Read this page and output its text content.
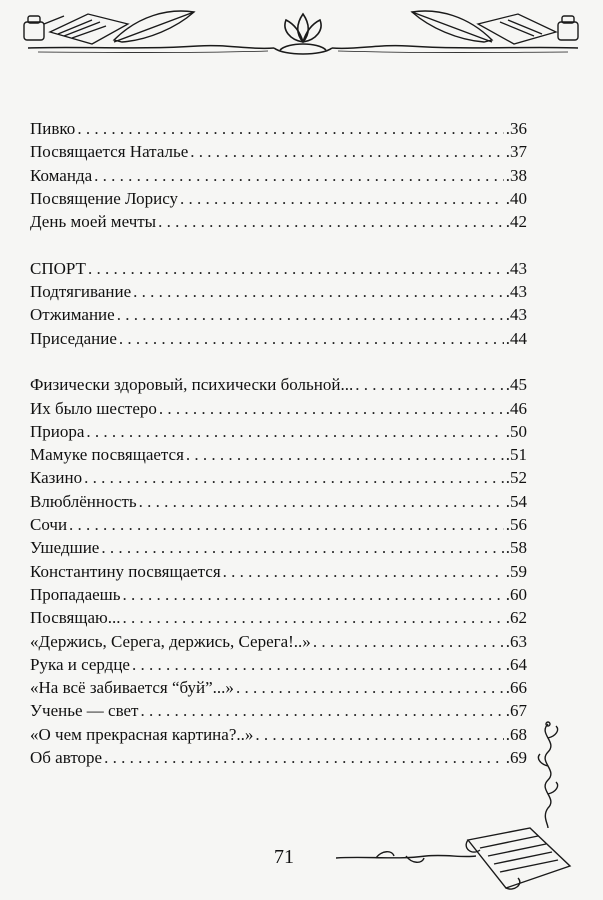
Пивко . . .	.36
Посвящается Наталье . . .	.37
Команда . . .	.38
Посвящение Лорису . . .	.40
День моей мечты . . .	.42
СПОРТ . . .	.43
Подтягивание . . .	.43
Отжимание . . .	.43
Приседание . . .	.44
Физически здоровый, психически больной... . . .	.45
Их было шестеро . . .	.46
Приора . . .	.50
Мамуке посвящается . . .	.51
Казино . . .	.52
Влюблённость . . .	.54
Сочи . . .	.56
Ушедшие . . .	.58
Константину посвящается . . .	.59
Пропадаешь . . .	.60
Посвящаю... . . .	.62
«Держись, Серега, держись, Серега!..» . . .	.63
Рука и сердце . . .	.64
«На всё забивается “буй”...» . . .	.66
Ученье — свет . . .	.67
«О чем прекрасная картина?..» . . .	.68
Об авторе . . .	.69
71
